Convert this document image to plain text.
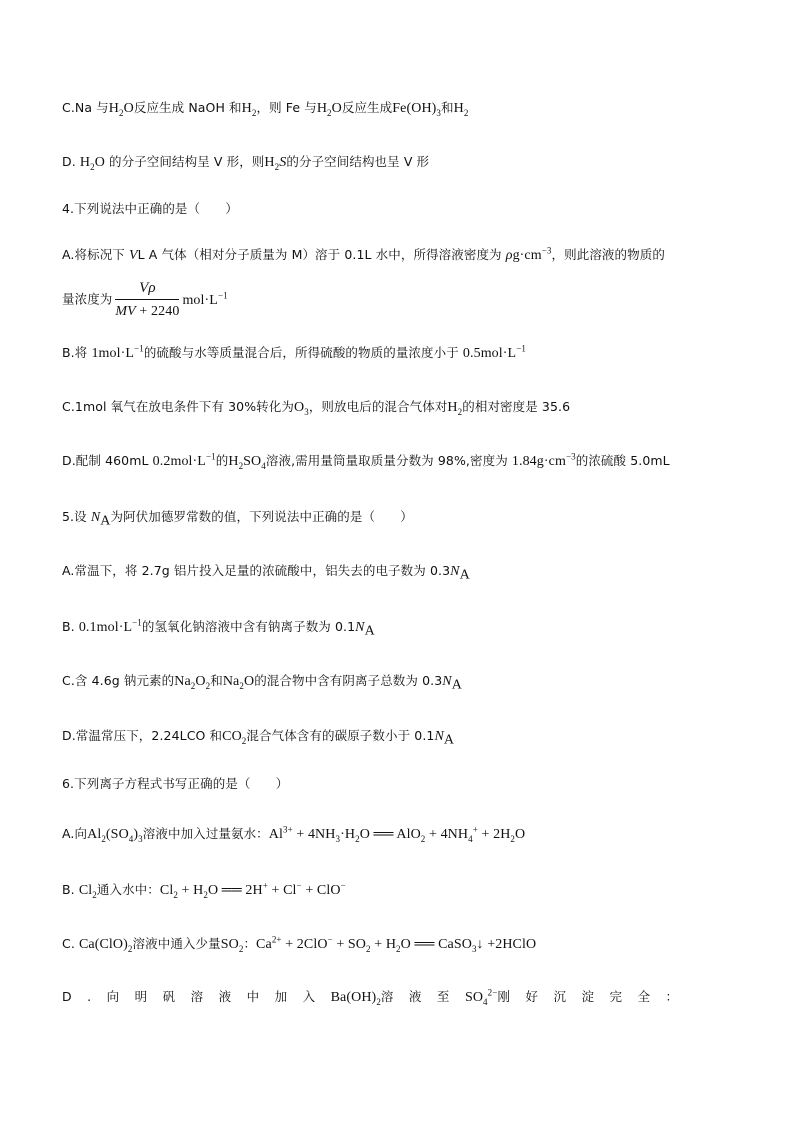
C.Na 与$H_2O$反应生成 NaOH 和$H_2$，则 Fe 与$H_2O$反应生成$Fe(OH)_3$和$H_2$
D. $H_2O$ 的分子空间结构呈 V 形，则$H_2S$的分子空间结构也呈 V 形
4.下列说法中正确的是（　　）
A.将标况下 VL A 气体（相对分子质量为 M）溶于 0.1L 水中，所得溶液密度为 $\rho g\cdot cm^{-3}$，则此溶液的物质的
量浓度为 $\frac{V\rho}{MV + 2240} mol\cdot L^{-1}$
B.将 $1mol\cdot L^{-1}$的硫酸与水等质量混合后，所得硫酸的物质的量浓度小于 $0.5mol\cdot L^{-1}$
C.1mol 氧气在放电条件下有 30%转化为$O_3$，则放电后的混合气体对$H_2$的相对密度是 35.6
D.配制 460mL $0.2mol\cdot L^{-1}$的$H_2SO_4$溶液,需用量筒量取质量分数为 98%,密度为 $1.84g\cdot cm^{-3}$的浓硫酸 5.0mL
5.设 $N_A$为阿伏加德罗常数的值，下列说法中正确的是（　　）
A.常温下，将 2.7g 铝片投入足量的浓硫酸中，铝失去的电子数为 $0.3N_A$
B. $0.1mol\cdot L^{-1}$的氢氧化钠溶液中含有钠离子数为 $0.1N_A$
C.含 4.6g 钠元素的$Na_2O_2$和$Na_2O$的混合物中含有阴离子总数为 $0.3N_A$
D.常温常压下，2.24LCO 和$CO_2$混合气体含有的碳原子数小于 $0.1N_A$
6.下列离子方程式书写正确的是（　　）
A.向$Al_2(SO_4)_3$溶液中加入过量氨水：$Al^{3+} + 4NH_3\cdot H_2O$ ══ $AlO_2 + 4NH_4^+ + 2H_2O$
B. $Cl_2$通入水中：$Cl_2 + H_2O$ ══ 2H+ + Cl− + ClO−
C. $Ca(ClO)_2$溶液中通入少量$SO_2$：$Ca^{2+} + 2ClO^- + SO_2 + H_2O$ ══ CaSO$_3$↓ +2HClO
D.向明矾溶液中加入$Ba(OH)_2$溶液至$SO_4^{2-}$刚好沉淀完全：
